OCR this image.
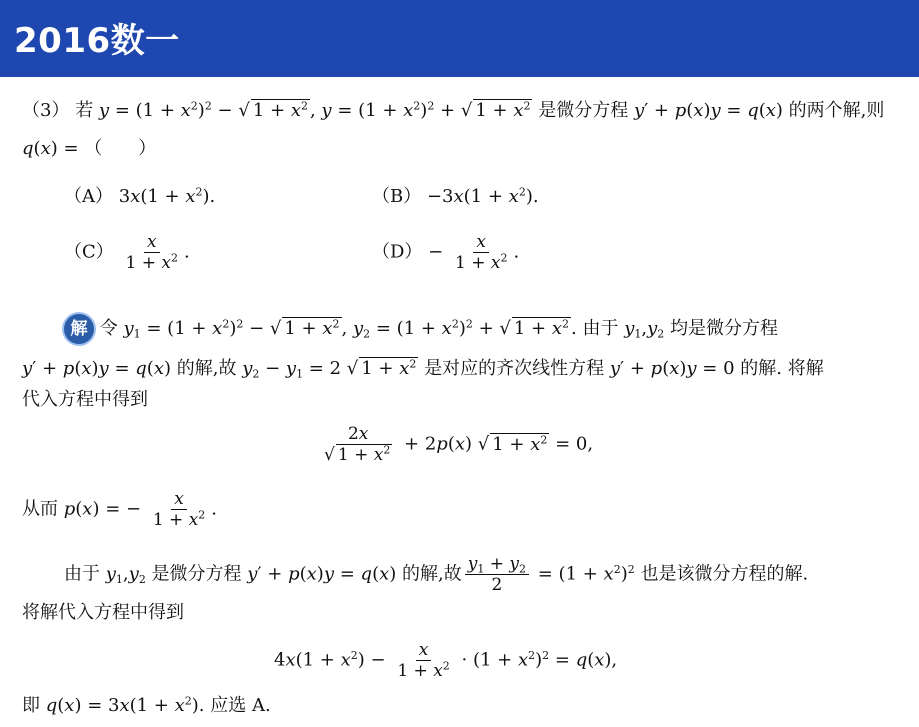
2016数一
（3） 若 $y = (1 + x^2)^2$ − √ $1 + x^2$ , $y = (1 + x^2)^2$ + √ $1 + x^2$ 是微分方程 y′ + p(x)y = q(x) 的两个解,则
q(x) = （　　）
（A） $3x(1 + x^2)$.	$(B) -3x(1 + x^2)$.
$(C) \frac{x}{1 + x^2}$ .	$(D) - \frac{x}{1 + x^2}$ .
解 令 $y_1 = (1 + x^2)^2$ − √ $1 + x^2$ , $y_2 = (1 + x^2)^2$ + √ $1 + x^2$ . 由于 $y_1,y_2$ 均是微分方程
y′ + p(x)y = q(x) 的解,故 $y_2 - y_1 = 2$ √ $1 + x^2$ 是对应的齐次线性方程 y′ + p(x)y = 0 的解. 将解
代入方程中得到
$\frac{2x}{√ 1 + x^2} + 2p(x)$ √ $1 + x^2 = 0$,
从而 p(x) = − $\frac{x}{1 + x^2}$ .
由于 $y_1,y_2$ 是微分方程 y′ + p(x)y = q(x) 的解,故 $\frac{y_1 + y_2}{2} = (1 + x^2)^2$ 也是该微分方程的解.
将解代入方程中得到
$4x(1 + x^2) - \frac{x}{1 + x^2} \cdot (1 + x^2)^2 = q(x)$,
即 $q(x) = 3x(1 + x^2)$. 应选 A.
